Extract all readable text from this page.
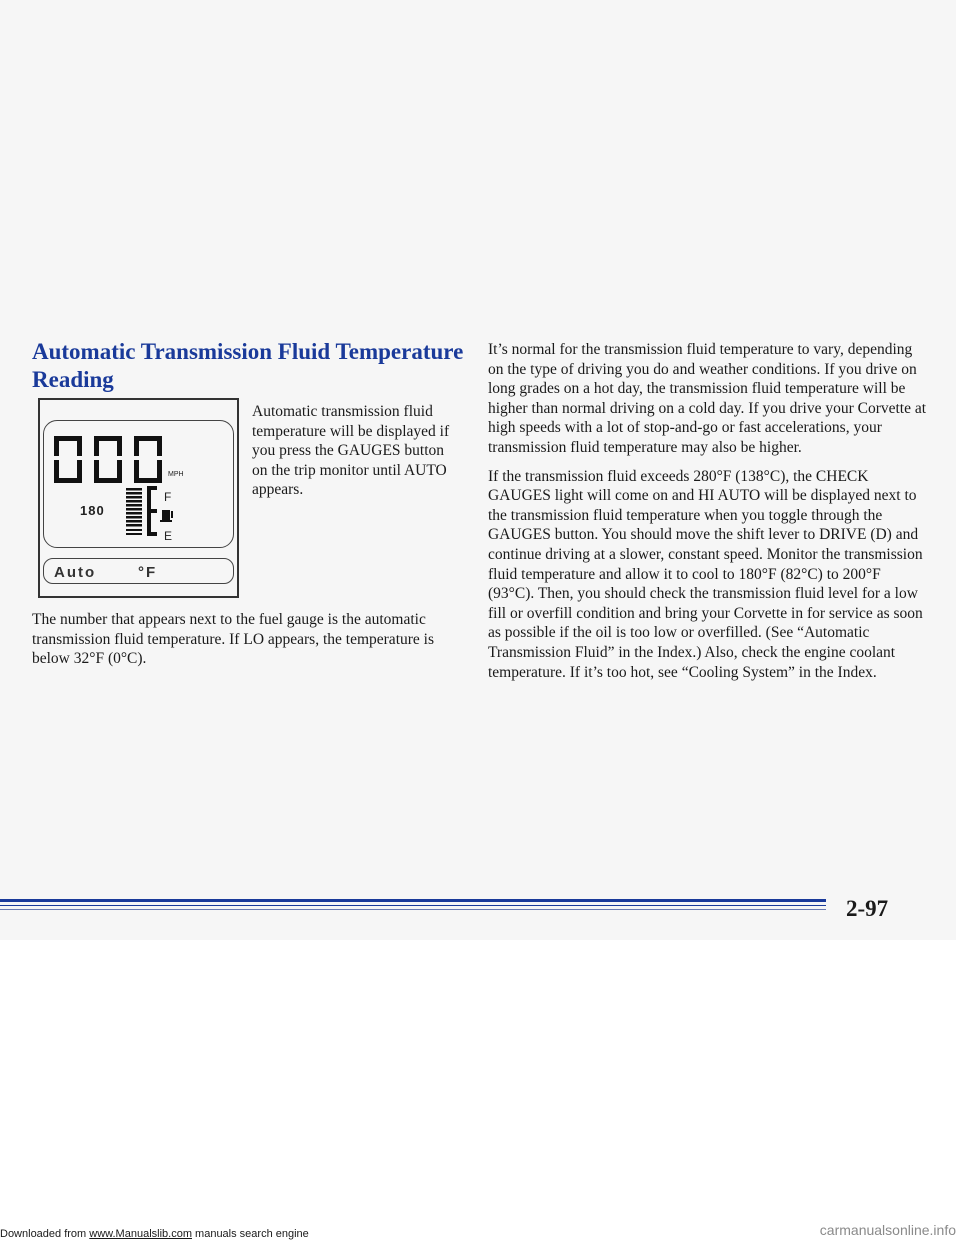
Automatic Transmission Fluid Temperature Reading
MPH
180
F
E
Auto	°F

Automatic transmission fluid temperature will be displayed if you press the GAUGES button on the trip monitor until AUTO appears.

The number that appears next to the fuel gauge is the automatic transmission fluid temperature. If LO appears, the temperature is below 32°F (0°C).

It’s normal for the transmission fluid temperature to vary, depending on the type of driving you do and weather conditions. If you drive on long grades on a hot day, the transmission fluid temperature will be higher than normal driving on a cold day. If you drive your Corvette at high speeds with a lot of stop-and-go or fast accelerations, your transmission fluid temperature may also be higher.

If the transmission fluid exceeds 280°F (138°C), the CHECK GAUGES light will come on and HI AUTO will be displayed next to the transmission fluid temperature when you toggle through the GAUGES button. You should move the shift lever to DRIVE (D) and continue driving at a slower, constant speed. Monitor the transmission fluid temperature and allow it to cool to 180°F (82°C) to 200°F (93°C). Then, you should check the transmission fluid level for a low fill or overfill condition and bring your Corvette in for service as soon as possible if the oil is too low or overfilled. (See “Automatic Transmission Fluid” in the Index.) Also, check the engine coolant temperature. If it’s too hot, see “Cooling System” in the Index.

2-97

Downloaded from www.Manualslib.com manuals search engine	carmanualsonline.info
